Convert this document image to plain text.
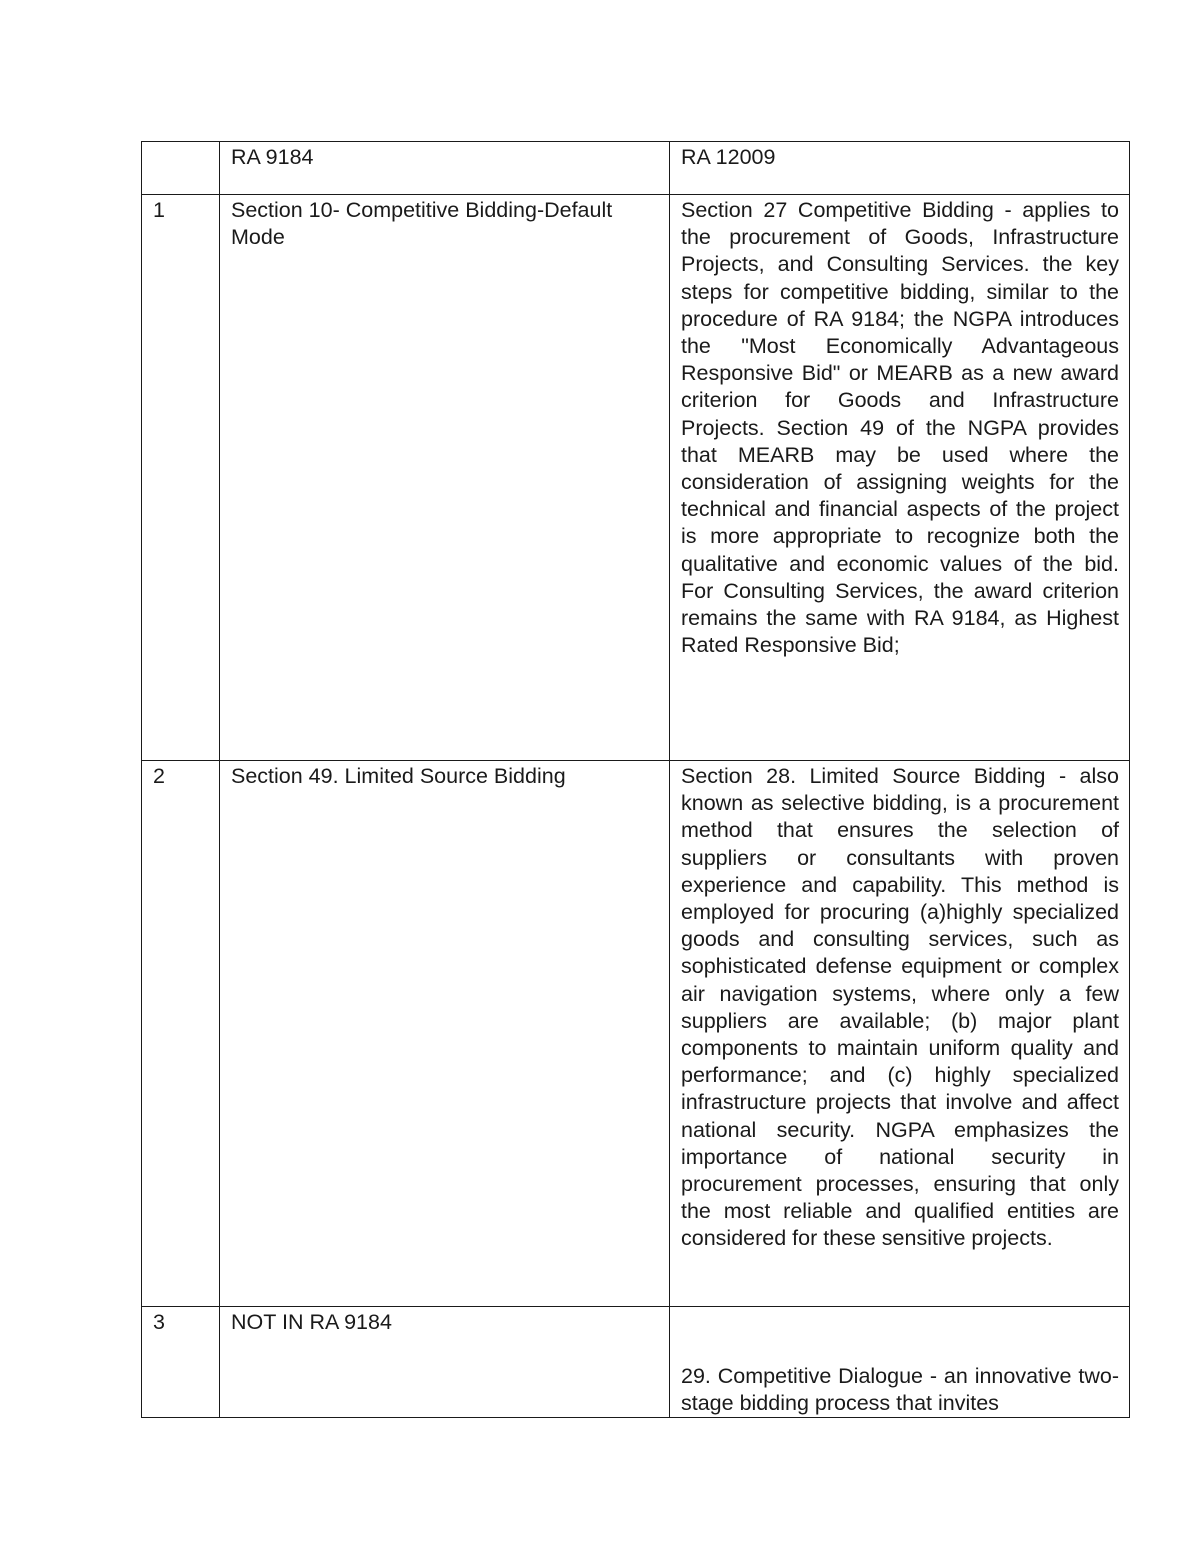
	RA 9184	RA 12009
1	Section 10- Competitive Bidding-Default Mode	Section 27 Competitive Bidding - applies to the procurement of Goods, Infrastructure Projects, and Consulting Services. the key steps for competitive bidding, similar to the procedure of RA 9184; the NGPA introduces the "Most Economically Advantageous Responsive Bid" or MEARB as a new award criterion for Goods and Infrastructure Projects. Section 49 of the NGPA provides that MEARB may be used where the consideration of assigning weights for the technical and financial aspects of the project is more appropriate to recognize both the qualitative and economic values of the bid. For Consulting Services, the award criterion remains the same with RA 9184, as Highest Rated Responsive Bid;
2	Section 49. Limited Source Bidding	Section 28. Limited Source Bidding - also known as selective bidding, is a procurement method that ensures the selection of suppliers or consultants with proven experience and capability. This method is employed for procuring (a)highly specialized goods and consulting services, such as sophisticated defense equipment or complex air navigation systems, where only a few suppliers are available; (b) major plant components to maintain uniform quality and performance; and (c) highly specialized infrastructure projects that involve and affect national security. NGPA emphasizes the importance of national security in procurement processes, ensuring that only the most reliable and qualified entities are considered for these sensitive projects.
3	NOT IN RA 9184	29. Competitive Dialogue - an innovative two-stage bidding process that invites
